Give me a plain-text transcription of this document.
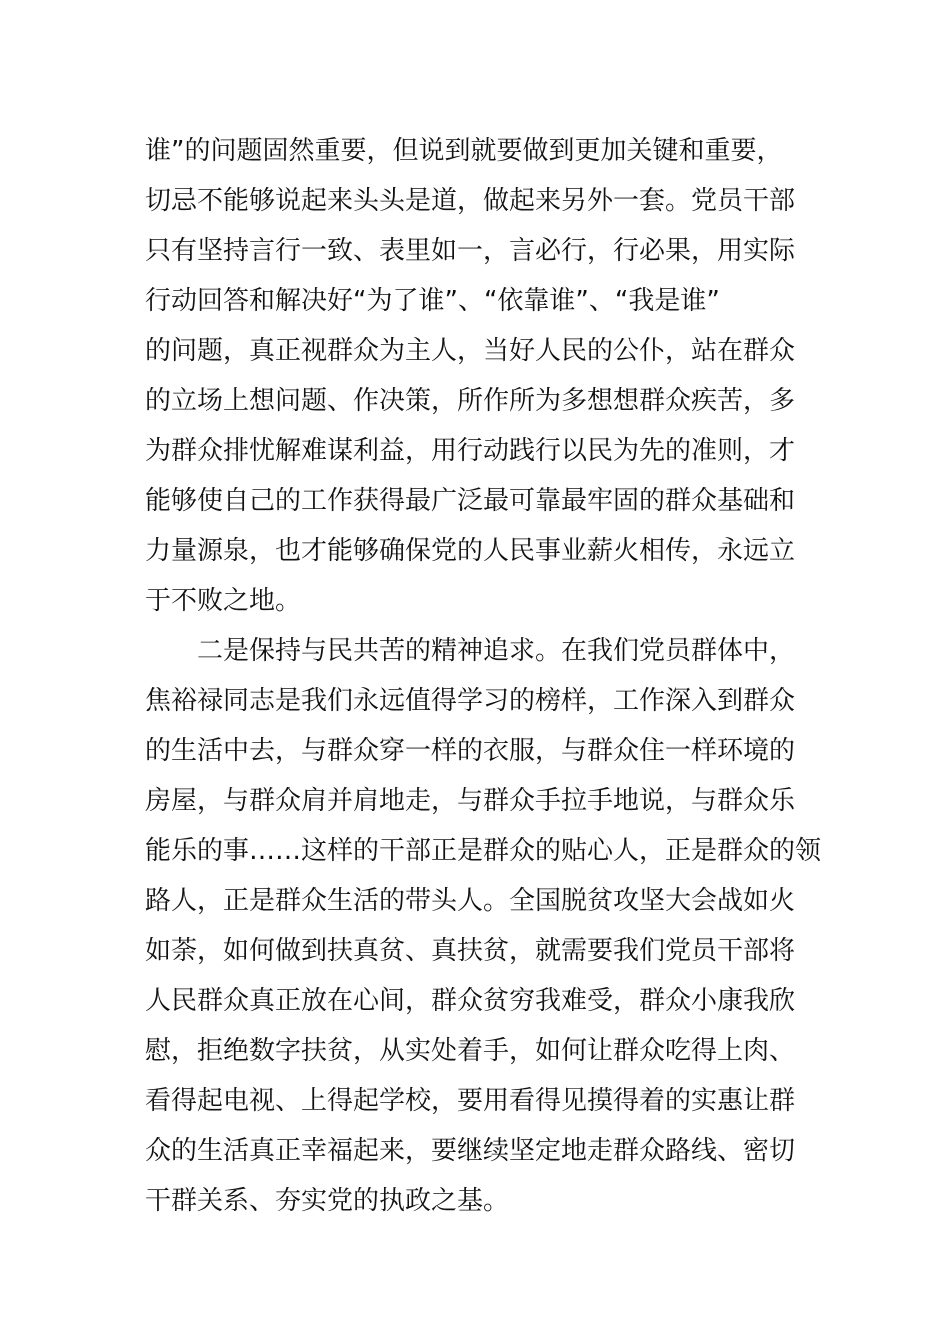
谁”的问题固然重要，但说到就要做到更加关键和重要，
切忌不能够说起来头头是道，做起来另外一套。党员干部
只有坚持言行一致、表里如一，言必行，行必果，用实际
行动回答和解决好“为了谁”、“依靠谁”、“我是谁”
的问题，真正视群众为主人，当好人民的公仆，站在群众
的立场上想问题、作决策，所作所为多想想群众疾苦，多
为群众排忧解难谋利益，用行动践行以民为先的准则，才
能够使自己的工作获得最广泛最可靠最牢固的群众基础和
力量源泉，也才能够确保党的人民事业薪火相传，永远立
于不败之地。
二是保持与民共苦的精神追求。在我们党员群体中，
焦裕禄同志是我们永远值得学习的榜样，工作深入到群众
的生活中去，与群众穿一样的衣服，与群众住一样环境的
房屋，与群众肩并肩地走，与群众手拉手地说，与群众乐
能乐的事……这样的干部正是群众的贴心人，正是群众的领
路人，正是群众生活的带头人。全国脱贫攻坚大会战如火
如荼，如何做到扶真贫、真扶贫，就需要我们党员干部将
人民群众真正放在心间，群众贫穷我难受，群众小康我欣
慰，拒绝数字扶贫，从实处着手，如何让群众吃得上肉、
看得起电视、上得起学校，要用看得见摸得着的实惠让群
众的生活真正幸福起来，要继续坚定地走群众路线、密切
干群关系、夯实党的执政之基。
